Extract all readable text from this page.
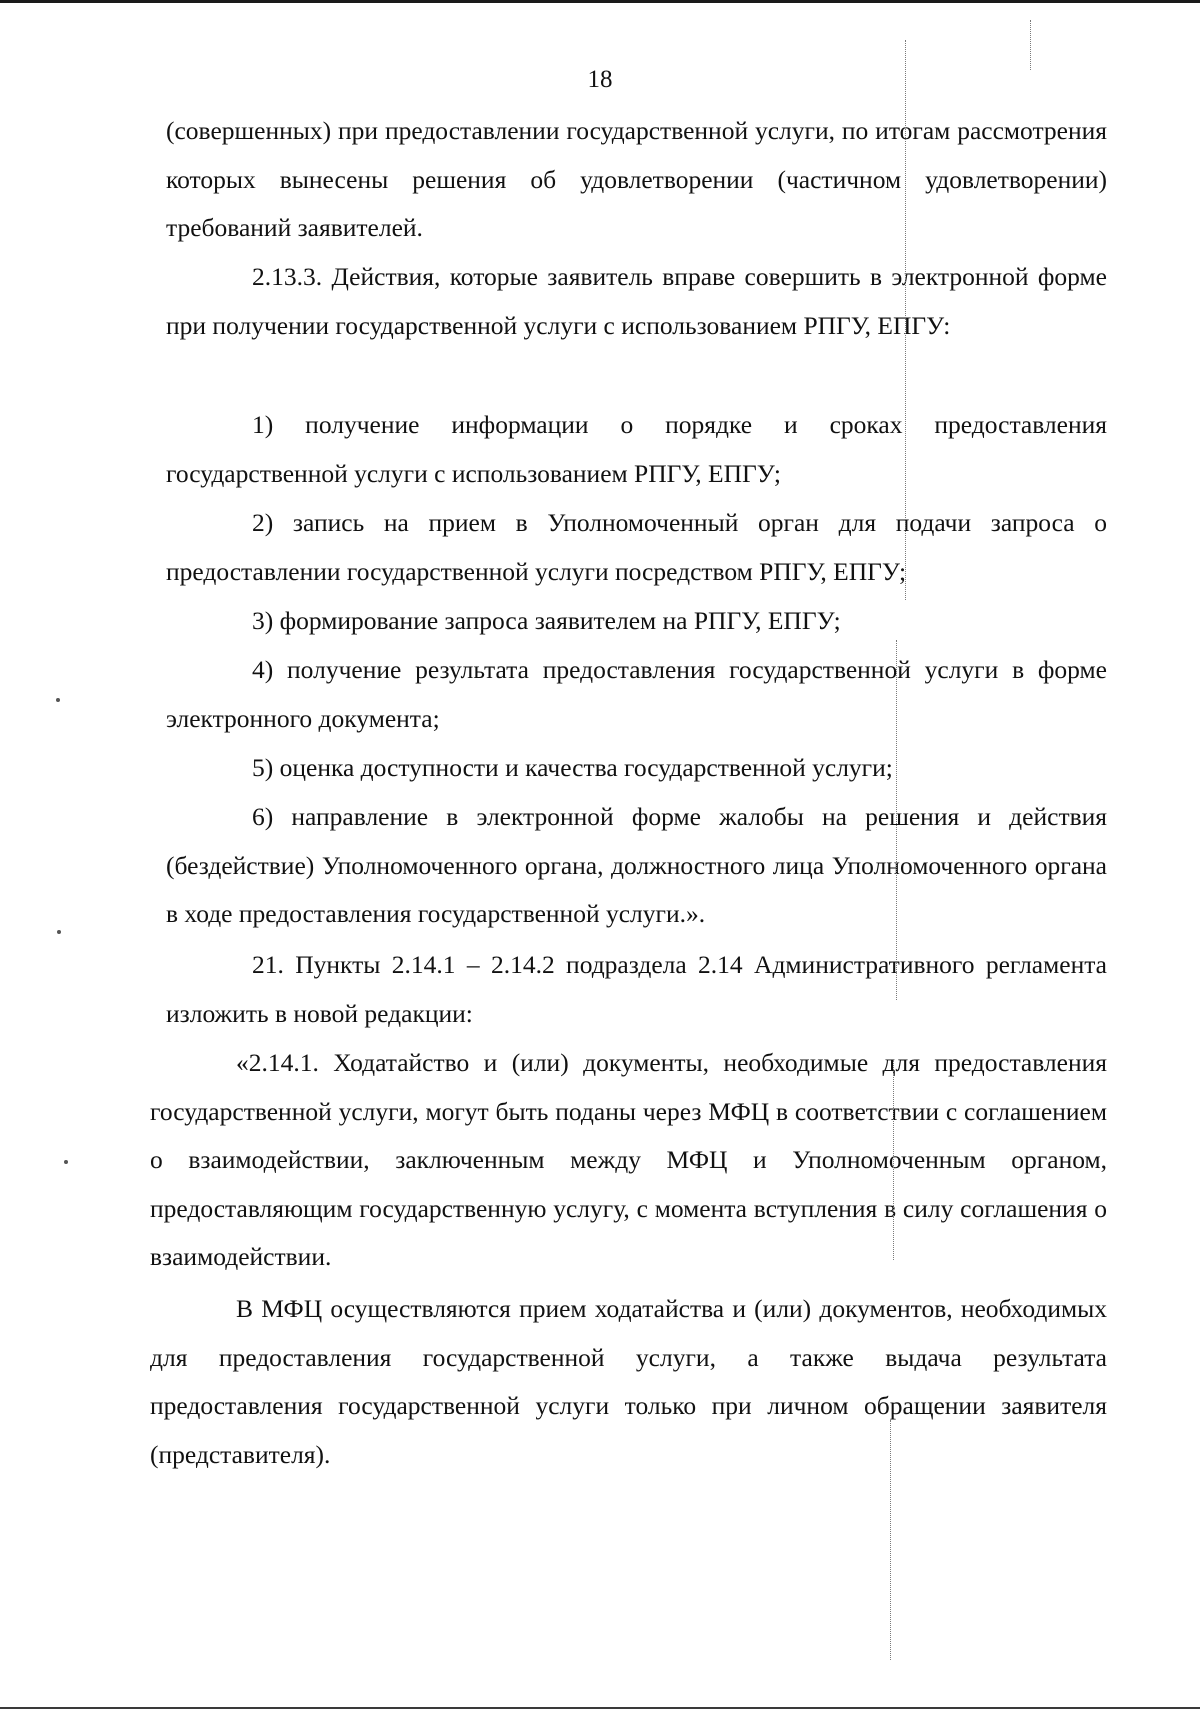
18

(совершенных) при предоставлении государственной услуги, по итогам рассмотрения которых вынесены решения об удовлетворении (частичном удовлетворении) требований заявителей.

2.13.3. Действия, которые заявитель вправе совершить в электронной форме при получении государственной услуги с использованием РПГУ, ЕПГУ:

1) получение информации о порядке и сроках предоставления государственной услуги с использованием РПГУ, ЕПГУ;

2) запись на прием в Уполномоченный орган для подачи запроса о предоставлении государственной услуги посредством РПГУ, ЕПГУ;

3) формирование запроса заявителем на РПГУ, ЕПГУ;

4) получение результата предоставления государственной услуги в форме электронного документа;

5) оценка доступности и качества государственной услуги;

6) направление в электронной форме жалобы на решения и действия (бездействие) Уполномоченного органа, должностного лица Уполномоченного органа в ходе предоставления государственной услуги.».

21. Пункты 2.14.1 – 2.14.2 подраздела 2.14 Административного регламента изложить в новой редакции:

«2.14.1. Ходатайство и (или) документы, необходимые для предоставления государственной услуги, могут быть поданы через МФЦ в соответствии с соглашением о взаимодействии, заключенным между МФЦ и Уполномоченным органом, предоставляющим государственную услугу, с момента вступления в силу соглашения о взаимодействии.

В МФЦ осуществляются прием ходатайства и (или) документов, необходимых для предоставления государственной услуги, а также выдача результата предоставления государственной услуги только при личном обращении заявителя (представителя).
